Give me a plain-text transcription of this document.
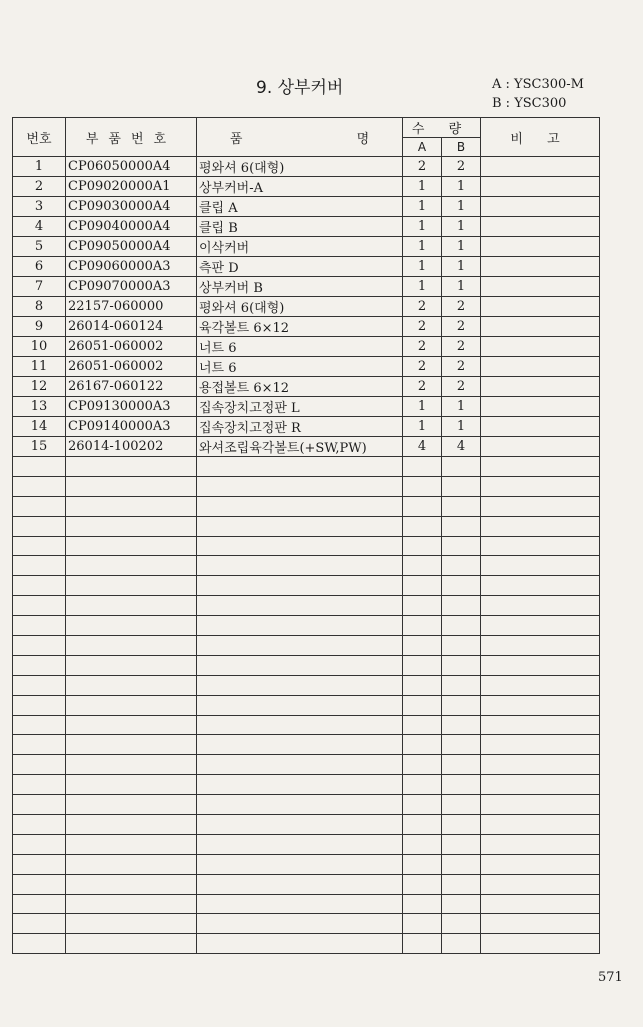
9. 상부커버	A : YSC300-M
B : YSC300
번호	부품번호	품 명	수 량		비 고
			A	B	
1	CP06050000A4	평와셔 6(대형)	2	2	
2	CP09020000A1	상부커버-A	1	1	
3	CP09030000A4	클립 A	1	1	
4	CP09040000A4	클립 B	1	1	
5	CP09050000A4	이삭커버	1	1	
6	CP09060000A3	측판 D	1	1	
7	CP09070000A3	상부커버 B	1	1	
8	22157-060000	평와셔 6(대형)	2	2	
9	26014-060124	육각볼트 6×12	2	2	
10	26051-060002	너트 6	2	2	
11	26051-060002	너트 6	2	2	
12	26167-060122	용접볼트 6×12	2	2	
13	CP09130000A3	집속장치고정판 L	1	1	
14	CP09140000A3	집속장치고정판 R	1	1	
15	26014-100202	와셔조립육각볼트(+SW,PW)	4	4	

571
